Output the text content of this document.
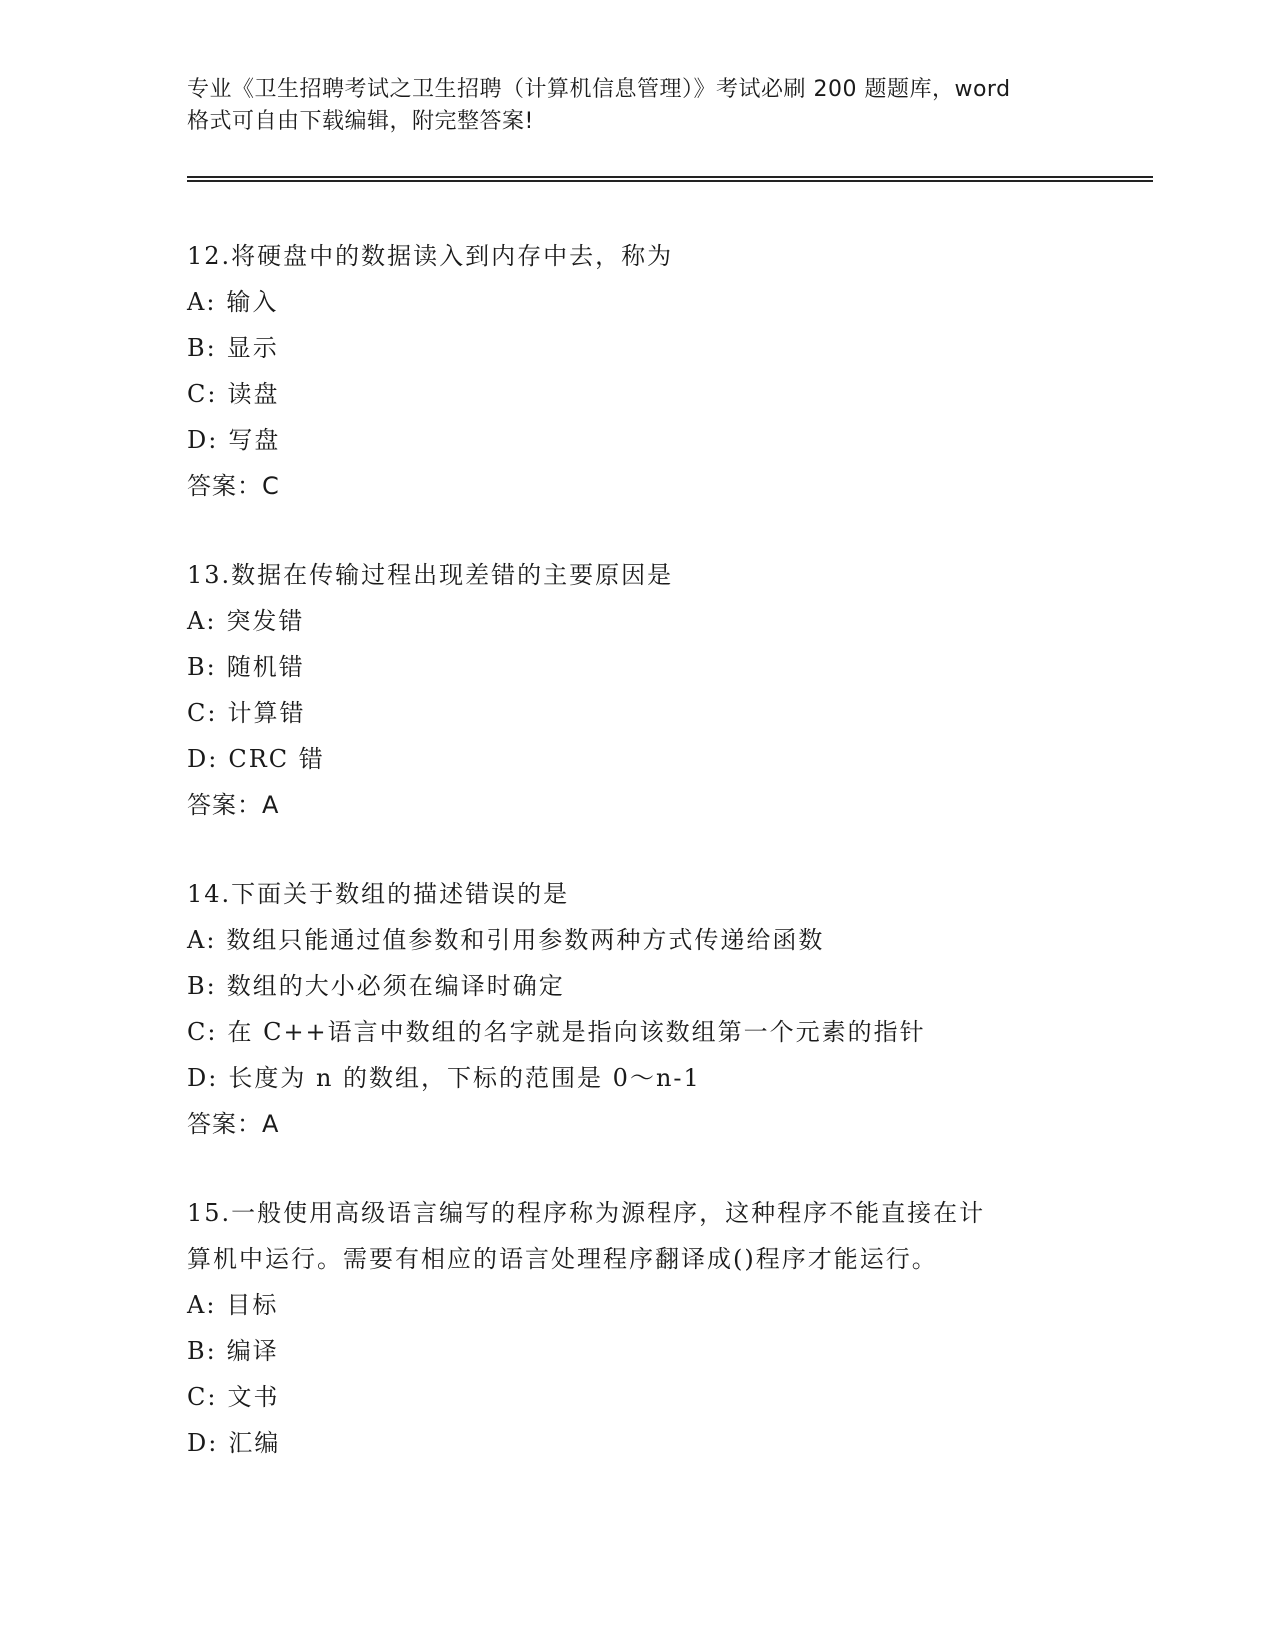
专业《卫生招聘考试之卫生招聘（计算机信息管理）》考试必刷 200 题题库，word
格式可自由下载编辑，附完整答案!
12.将硬盘中的数据读入到内存中去，称为
A: 输入
B: 显示
C: 读盘
D: 写盘
答案：C
13.数据在传输过程出现差错的主要原因是
A: 突发错
B: 随机错
C: 计算错
D: CRC 错
答案：A
14.下面关于数组的描述错误的是
A: 数组只能通过值参数和引用参数两种方式传递给函数
B: 数组的大小必须在编译时确定
C: 在 C++语言中数组的名字就是指向该数组第一个元素的指针
D: 长度为 n 的数组，下标的范围是 0～n-1
答案：A
15.一般使用高级语言编写的程序称为源程序，这种程序不能直接在计
算机中运行。需要有相应的语言处理程序翻译成()程序才能运行。
A: 目标
B: 编译
C: 文书
D: 汇编
